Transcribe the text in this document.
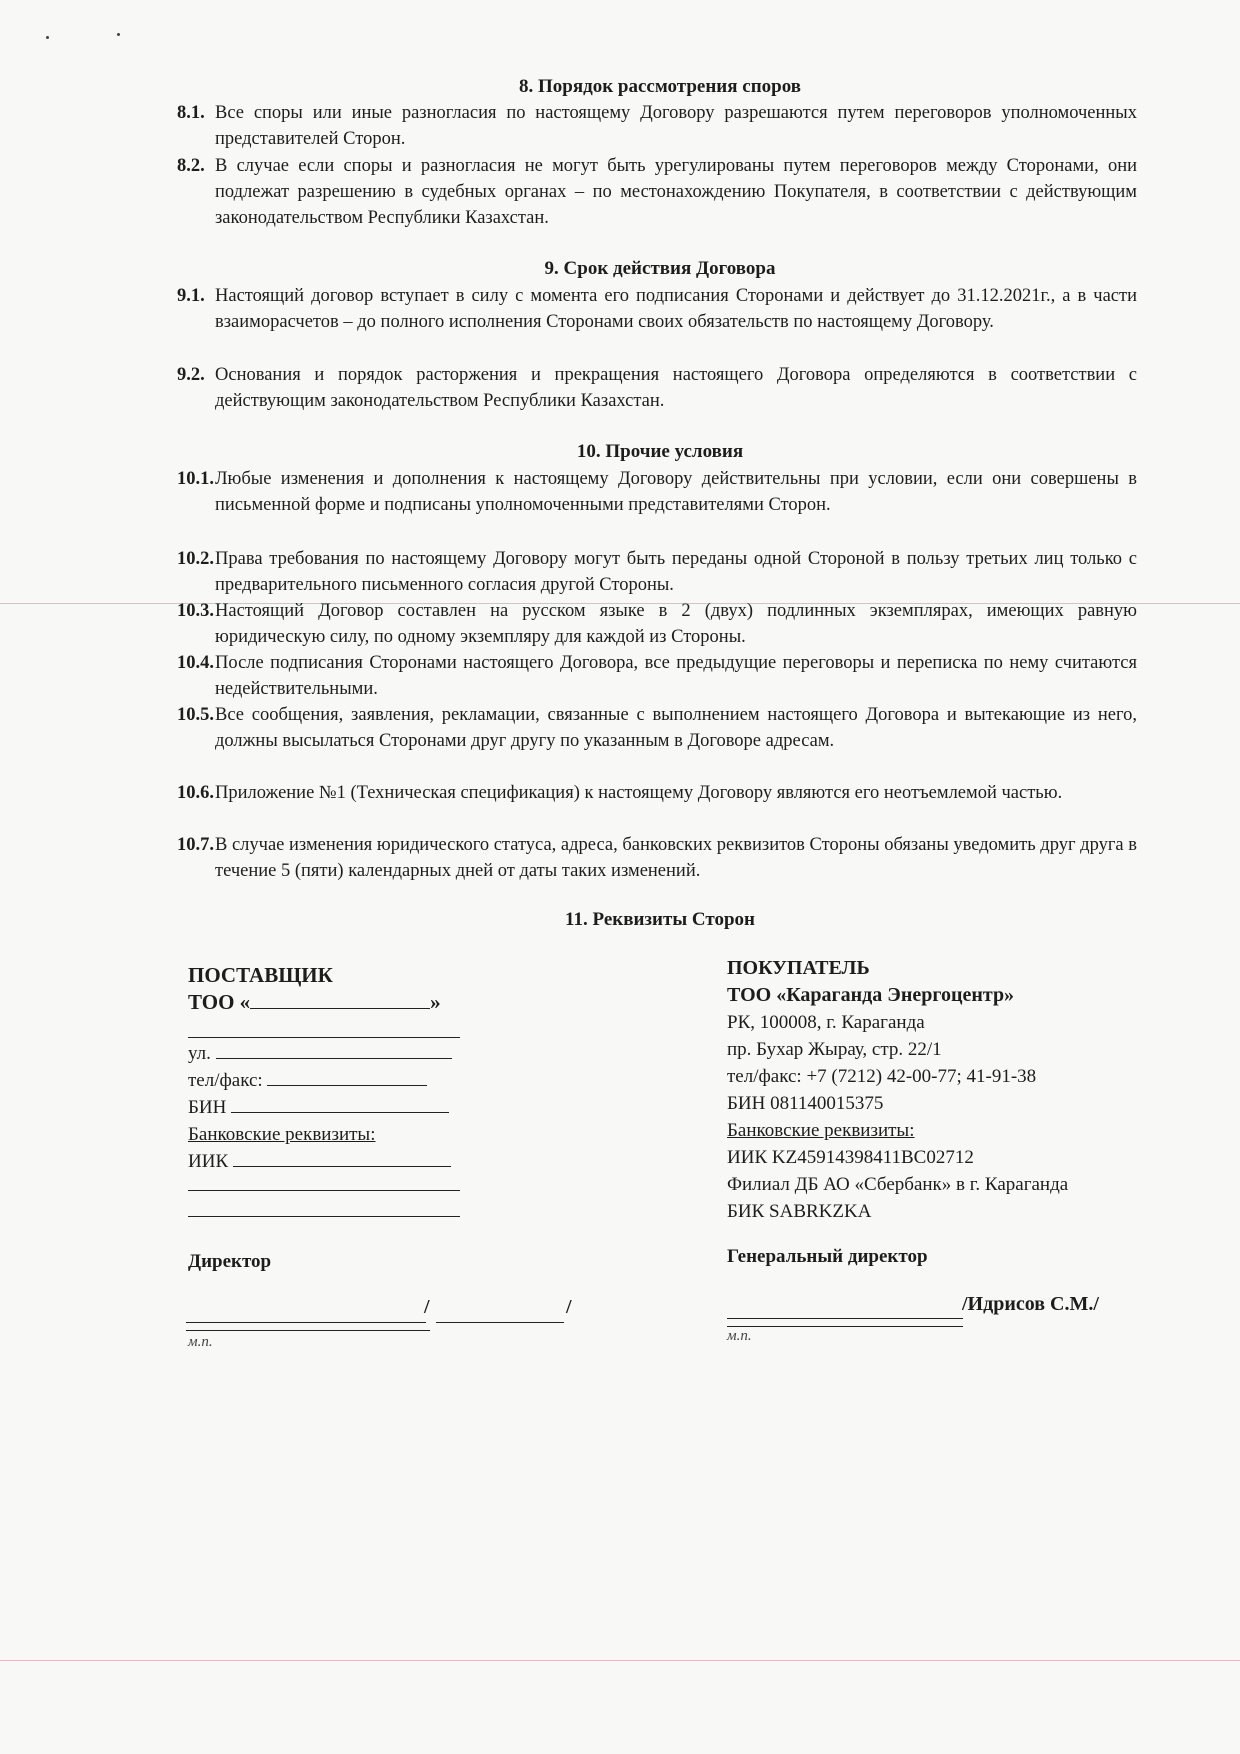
8. Порядок рассмотрения споров
8.1. Все споры или иные разногласия по настоящему Договору разрешаются путем переговоров уполномоченных представителей Сторон.
8.2. В случае если споры и разногласия не могут быть урегулированы путем переговоров между Сторонами, они подлежат разрешению в судебных органах – по местонахождению Покупателя, в соответствии с действующим законодательством Республики Казахстан.
9. Срок действия Договора
9.1. Настоящий договор вступает в силу с момента его подписания Сторонами и действует до 31.12.2021г., а в части взаиморасчетов – до полного исполнения Сторонами своих обязательств по настоящему Договору.
9.2. Основания и порядок расторжения и прекращения настоящего Договора определяются в соответствии с действующим законодательством Республики Казахстан.
10. Прочие условия
10.1. Любые изменения и дополнения к настоящему Договору действительны при условии, если они совершены в письменной форме и подписаны уполномоченными представителями Сторон.
10.2. Права требования по настоящему Договору могут быть переданы одной Стороной в пользу третьих лиц только с предварительного письменного согласия другой Стороны.
10.3. Настоящий Договор составлен на русском языке в 2 (двух) подлинных экземплярах, имеющих равную юридическую силу, по одному экземпляру для каждой из Стороны.
10.4. После подписания Сторонами настоящего Договора, все предыдущие переговоры и переписка по нему считаются недействительными.
10.5. Все сообщения, заявления, рекламации, связанные с выполнением настоящего Договора и вытекающие из него, должны высылаться Сторонами друг другу по указанным в Договоре адресам.
10.6. Приложение №1 (Техническая спецификация) к настоящему Договору являются его неотъемлемой частью.
10.7. В случае изменения юридического статуса, адреса, банковских реквизитов Стороны обязаны уведомить друг друга в течение 5 (пяти) календарных дней от даты таких изменений.
11. Реквизиты Сторон
ПОСТАВЩИК
ТОО «	»
ул.
тел/факс:
БИН
Банковские реквизиты:
ИИК
Директор
/	/
м.п.
ПОКУПАТЕЛЬ
ТОО «Караганда Энергоцентр»
РК, 100008, г. Караганда
пр. Бухар Жырау, стр. 22/1
тел/факс: +7 (7212) 42-00-77; 41-91-38
БИН 081140015375
Банковские реквизиты:
ИИК KZ45914398411BC02712
Филиал ДБ АО «Сбербанк» в г. Караганда
БИК SABRKZKA
Генеральный директор
/Идрисов С.М./
м.п.
